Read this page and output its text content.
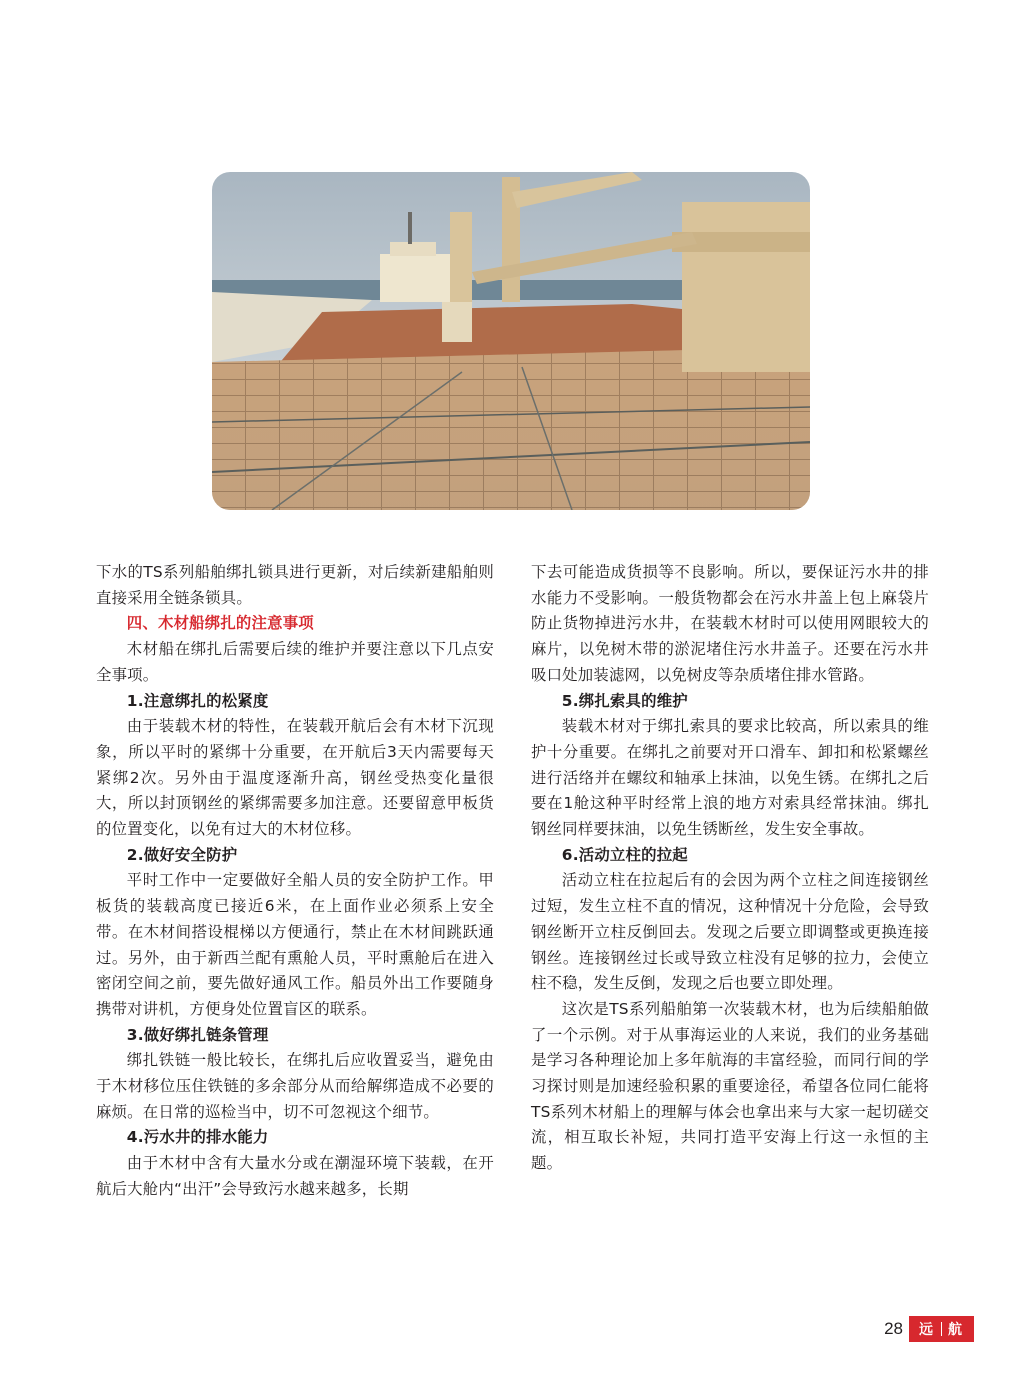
下水的TS系列船舶绑扎锁具进行更新，对后续新建船舶则直接采用全链条锁具。

四、木材船绑扎的注意事项

木材船在绑扎后需要后续的维护并要注意以下几点安全事项。

1.注意绑扎的松紧度

由于装载木材的特性，在装载开航后会有木材下沉现象，所以平时的紧绑十分重要，在开航后3天内需要每天紧绑2次。另外由于温度逐渐升高，钢丝受热变化量很大，所以封顶钢丝的紧绑需要多加注意。还要留意甲板货的位置变化，以免有过大的木材位移。

2.做好安全防护

平时工作中一定要做好全船人员的安全防护工作。甲板货的装载高度已接近6米，在上面作业必须系上安全带。在木材间搭设棍梯以方便通行，禁止在木材间跳跃通过。另外，由于新西兰配有熏舱人员，平时熏舱后在进入密闭空间之前，要先做好通风工作。船员外出工作要随身携带对讲机，方便身处位置盲区的联系。

3.做好绑扎链条管理

绑扎铁链一般比较长，在绑扎后应收置妥当，避免由于木材移位压住铁链的多余部分从而给解绑造成不必要的麻烦。在日常的巡检当中，切不可忽视这个细节。

4.污水井的排水能力

由于木材中含有大量水分或在潮湿环境下装载，在开航后大舱内“出汗”会导致污水越来越多，长期

下去可能造成货损等不良影响。所以，要保证污水井的排水能力不受影响。一般货物都会在污水井盖上包上麻袋片防止货物掉进污水井，在装载木材时可以使用网眼较大的麻片，以免树木带的淤泥堵住污水井盖子。还要在污水井吸口处加装滤网，以免树皮等杂质堵住排水管路。

5.绑扎索具的维护

装载木材对于绑扎索具的要求比较高，所以索具的维护十分重要。在绑扎之前要对开口滑车、卸扣和松紧螺丝进行活络并在螺纹和轴承上抹油，以免生锈。在绑扎之后要在1舱这种平时经常上浪的地方对索具经常抹油。绑扎钢丝同样要抹油，以免生锈断丝，发生安全事故。

6.活动立柱的拉起

活动立柱在拉起后有的会因为两个立柱之间连接钢丝过短，发生立柱不直的情况，这种情况十分危险，会导致钢丝断开立柱反倒回去。发现之后要立即调整或更换连接钢丝。连接钢丝过长或导致立柱没有足够的拉力，会使立柱不稳，发生反倒，发现之后也要立即处理。

这次是TS系列船舶第一次装载木材，也为后续船舶做了一个示例。对于从事海运业的人来说，我们的业务基础是学习各种理论加上多年航海的丰富经验，而同行间的学习探讨则是加速经验积累的重要途径，希望各位同仁能将TS系列木材船上的理解与体会也拿出来与大家一起切磋交流，相互取长补短，共同打造平安海上行这一永恒的主题。

28 远 航
